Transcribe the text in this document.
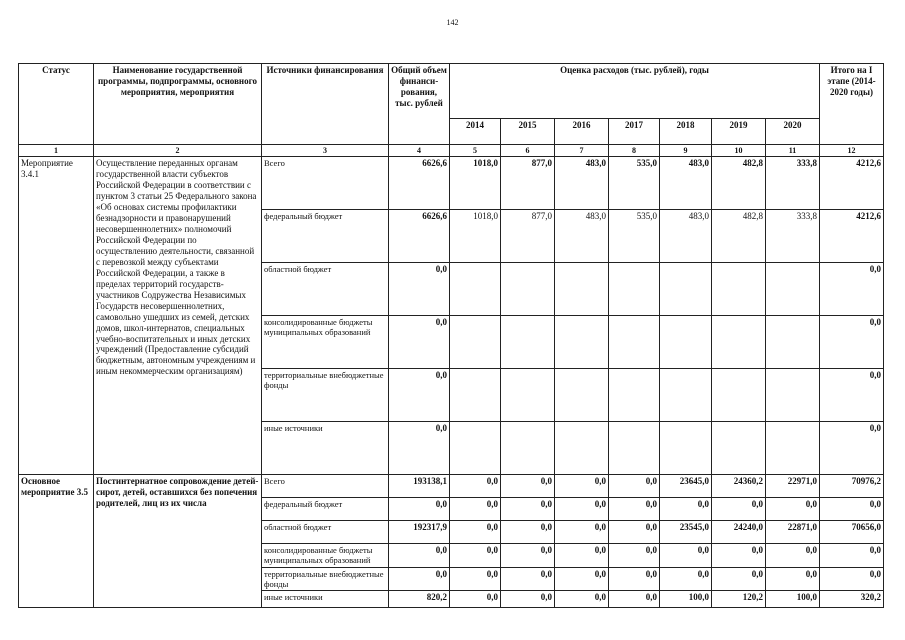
142
Статус	Наименование государственной программы, подпрограммы, основного мероприятия, мероприятия	Источники финансирования	Общий объем финанси-рования, тыс. рублей	Оценка расходов (тыс. рублей), годы							Итого на I этапе (2014-2020 годы)
				2014	2015	2016	2017	2018	2019	2020	
1	2	3	4	5	6	7	8	9	10	11	12
Мероприятие 3.4.1	Осуществление переданных органам государственной власти субъектов Российской Федерации в соответствии с пунктом 3 статьи 25 Федерального закона «Об основах системы профилактики безнадзорности и правонарушений несовершеннолетних» полномочий Российской Федерации по осуществлению деятельности, связанной с перевозкой между субъектами Российской Федерации, а также в пределах территорий государств-участников Содружества Независимых Государств несовершеннолетних, самовольно ушедших из семей, детских домов, школ-интернатов, специальных учебно-воспитательных и иных детских учреждений (Предоставление субсидий бюджетным, автономным учреждениям и иным некоммерческим организациям)	Всего	6626,6	1018,0	877,0	483,0	535,0	483,0	482,8	333,8	4212,6
		федеральный бюджет	6626,6	1018,0	877,0	483,0	535,0	483,0	482,8	333,8	4212,6
		областной бюджет	0,0								0,0
		консолидированные бюджеты муниципальных образований	0,0								0,0
		территориальные внебюджетные фонды	0,0								0,0
		иные источники	0,0								0,0
Основное мероприятие 3.5	Постинтернатное сопровождение детей-сирот, детей, оставшихся без попечения родителей, лиц из их числа	Всего	193138,1	0,0	0,0	0,0	0,0	23645,0	24360,2	22971,0	70976,2
		федеральный бюджет	0,0	0,0	0,0	0,0	0,0	0,0	0,0	0,0	0,0
		областной бюджет	192317,9	0,0	0,0	0,0	0,0	23545,0	24240,0	22871,0	70656,0
		консолидированные бюджеты муниципальных образований	0,0	0,0	0,0	0,0	0,0	0,0	0,0	0,0	0,0
		территориальные внебюджетные фонды	0,0	0,0	0,0	0,0	0,0	0,0	0,0	0,0	0,0
		иные источники	820,2	0,0	0,0	0,0	0,0	100,0	120,2	100,0	320,2
